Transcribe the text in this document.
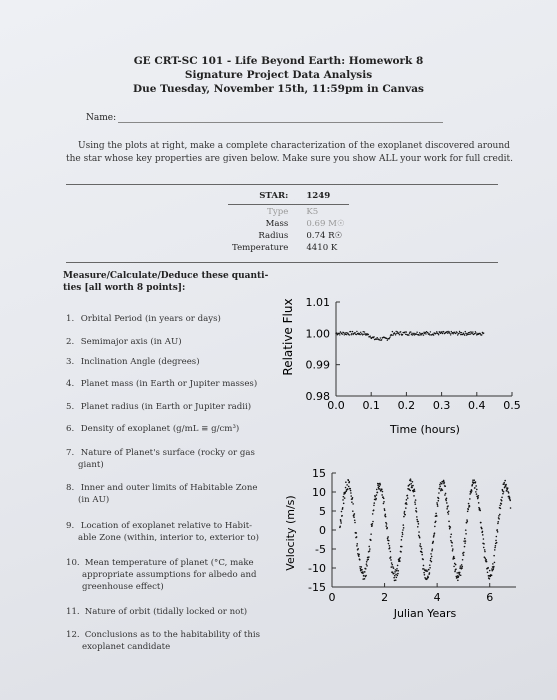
GE CRT-SC 101 - Life Beyond Earth: Homework 8
Signature Project Data Analysis
Due Tuesday, November 15th, 11:59pm in Canvas
Name:
Using the plots at right, make a complete characterization of the exoplanet discovered around
the star whose key properties are given below. Make sure you show ALL your work for full credit.
STAR:	1249

Type	K5
Mass	0.69 M☉
Radius	0.74 R☉
Temperature	4410 K
Measure/Calculate/Deduce these quanti-
ties [all worth 8 points]:
1. Orbital Period (in years or days)
2. Semimajor axis (in AU)
3. Inclination Angle (degrees)
4. Planet mass (in Earth or Jupiter masses)
5. Planet radius (in Earth or Jupiter radii)
6. Density of exoplanet (g/mL ≡ g/cm³)
7. Nature of Planet's surface (rocky or gas
giant)
8. Inner and outer limits of Habitable Zone
(in AU)
9. Location of exoplanet relative to Habit-
able Zone (within, interior to, exterior to)
10. Mean temperature of planet (°C, make
appropriate assumptions for albedo and
greenhouse effect)
11. Nature of orbit (tidally locked or not)
12. Conclusions as to the habitability of this
exoplanet candidate
1.01
1.00
0.99
0.98
0.0 0.1 0.2 0.3 0.4 0.5
Relative Flux
Time (hours)
15
10
5
0
-5
-10
-15
0	2	4	6
Velocity (m/s)
Julian Years
